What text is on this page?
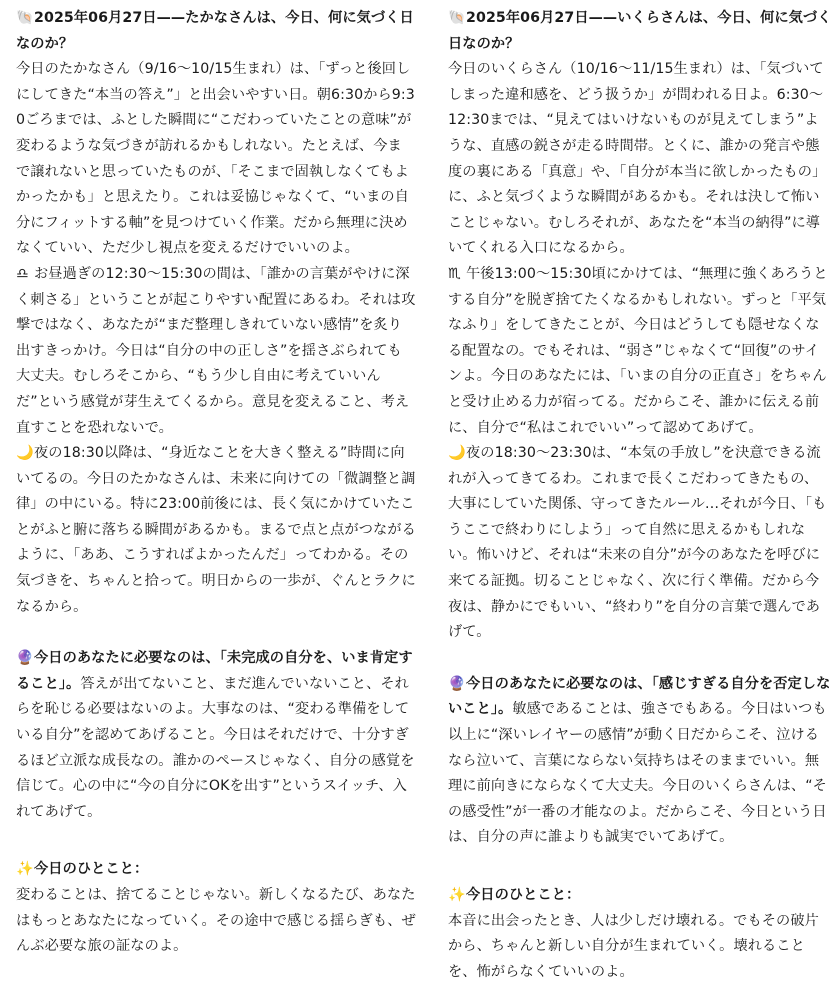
🐚2025年06月27日——たかなさんは、今日、何に気づく日なのか？

今日のたかなさん（9/16〜10/15生まれ）は、「ずっと後回しにしてきた“本当の答え”」と出会いやすい日。朝6:30から9:30ごろまでは、ふとした瞬間に“こだわっていたことの意味”が変わるような気づきが訪れるかもしれない。たとえば、今まで譲れないと思っていたものが、「そこまで固執しなくてもよかったかも」と思えたり。これは妥協じゃなくて、“いまの自分にフィットする軸”を見つけていく作業。だから無理に決めなくていい、ただ少し視点を変えるだけでいいのよ。

♎ お昼過ぎの12:30〜15:30の間は、「誰かの言葉がやけに深く刺さる」ということが起こりやすい配置にあるわ。それは攻撃ではなく、あなたが“まだ整理しきれていない感情”を炙り出すきっかけ。今日は“自分の中の正しさ”を揺さぶられても大丈夫。むしろそこから、“もう少し自由に考えていいんだ”という感覚が芽生えてくるから。意見を変えること、考え直すことを恐れないで。

🌙夜の18:30以降は、“身近なことを大きく整える”時間に向いてるの。今日のたかなさんは、未来に向けての「微調整と調律」の中にいる。特に23:00前後には、長く気にかけていたことがふと腑に落ちる瞬間があるかも。まるで点と点がつながるように、「ああ、こうすればよかったんだ」ってわかる。その気づきを、ちゃんと拾って。明日からの一歩が、ぐんとラクになるから。

🔮今日のあなたに必要なのは、「未完成の自分を、いま肯定すること」。答えが出てないこと、まだ進んでいないこと、それらを恥じる必要はないのよ。大事なのは、“変わる準備をしている自分”を認めてあげること。今日はそれだけで、十分すぎるほど立派な成長なの。誰かのペースじゃなく、自分の感覚を信じて。心の中に“今の自分にOKを出す”というスイッチ、入れてあげて。

✨今日のひとこと：

変わることは、捨てることじゃない。新しくなるたび、あなたはもっとあなたになっていく。その途中で感じる揺らぎも、ぜんぶ必要な旅の証なのよ。

🐚2025年06月27日——いくらさんは、今日、何に気づく日なのか？

今日のいくらさん（10/16〜11/15生まれ）は、「気づいてしまった違和感を、どう扱うか」が問われる日よ。6:30〜12:30までは、“見えてはいけないものが見えてしまう”ような、直感の鋭さが走る時間帯。とくに、誰かの発言や態度の裏にある「真意」や、「自分が本当に欲しかったもの」に、ふと気づくような瞬間があるかも。それは決して怖いことじゃない。むしろそれが、あなたを“本当の納得”に導いてくれる入口になるから。

♏ 午後13:00〜15:30頃にかけては、“無理に強くあろうとする自分”を脱ぎ捨てたくなるかもしれない。ずっと「平気なふり」をしてきたことが、今日はどうしても隠せなくなる配置なの。でもそれは、“弱さ”じゃなくて“回復”のサインよ。今日のあなたには、「いまの自分の正直さ」をちゃんと受け止める力が宿ってる。だからこそ、誰かに伝える前に、自分で“私はこれでいい”って認めてあげて。

🌙夜の18:30〜23:30は、“本気の手放し”を決意できる流れが入ってきてるわ。これまで長くこだわってきたもの、大事にしていた関係、守ってきたルール…それが今日、「もうここで終わりにしよう」って自然に思えるかもしれない。怖いけど、それは“未来の自分”が今のあなたを呼びに来てる証拠。切ることじゃなく、次に行く準備。だから今夜は、静かにでもいい、“終わり”を自分の言葉で選んであげて。

🔮今日のあなたに必要なのは、「感じすぎる自分を否定しないこと」。敏感であることは、強さでもある。今日はいつも以上に“深いレイヤーの感情”が動く日だからこそ、泣けるなら泣いて、言葉にならない気持ちはそのままでいい。無理に前向きにならなくて大丈夫。今日のいくらさんは、“その感受性”が一番の才能なのよ。だからこそ、今日という日は、自分の声に誰よりも誠実でいてあげて。

✨今日のひとこと：

本音に出会ったとき、人は少しだけ壊れる。でもその破片から、ちゃんと新しい自分が生まれていく。壊れることを、怖がらなくていいのよ。
